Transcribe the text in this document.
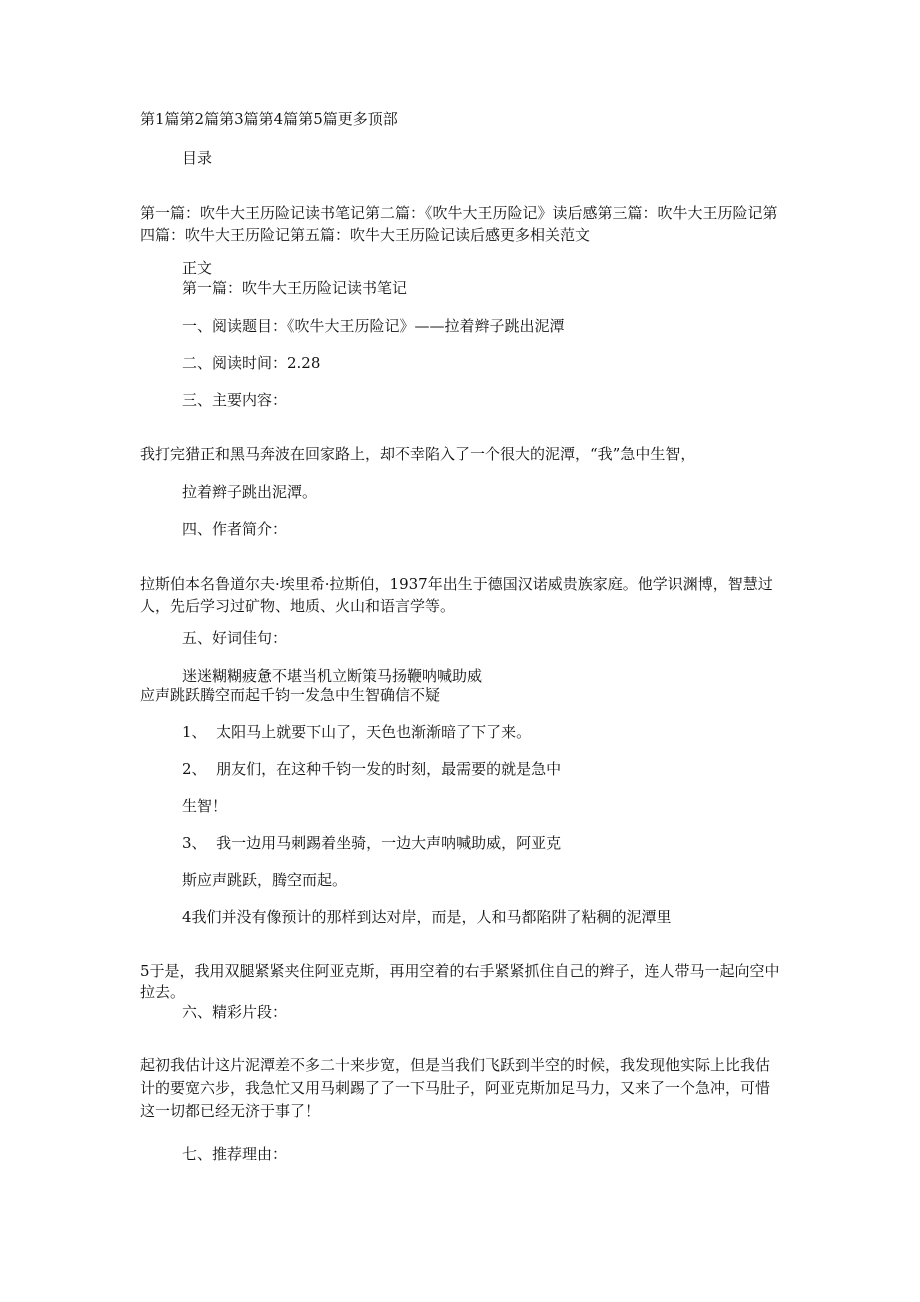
第1篇第2篇第3篇第4篇第5篇更多顶部
目录
第一篇：吹牛大王历险记读书笔记第二篇：《吹牛大王历险记》读后感第三篇：吹牛大王历险记第四篇：吹牛大王历险记第五篇：吹牛大王历险记读后感更多相关范文
正文
第一篇：吹牛大王历险记读书笔记
一、阅读题目：《吹牛大王历险记》——拉着辫子跳出泥潭
二、阅读时间：2.28
三、主要内容：
我打完猎正和黑马奔波在回家路上，却不幸陷入了一个很大的泥潭，“我”急中生智，
拉着辫子跳出泥潭。
四、作者简介：
拉斯伯本名鲁道尔夫·埃里希·拉斯伯，1937年出生于德国汉诺威贵族家庭。他学识渊博，智慧过人，先后学习过矿物、地质、火山和语言学等。
五、好词佳句：
迷迷糊糊疲惫不堪当机立断策马扬鞭呐喊助威
应声跳跃腾空而起千钧一发急中生智确信不疑
1、  太阳马上就要下山了，天色也渐渐暗了下了来。
2、  朋友们，在这种千钧一发的时刻，最需要的就是急中
生智！
3、  我一边用马刺踢着坐骑，一边大声呐喊助威，阿亚克
斯应声跳跃，腾空而起。
4我们并没有像预计的那样到达对岸，而是，人和马都陷阱了粘稠的泥潭里
5于是，我用双腿紧紧夹住阿亚克斯，再用空着的右手紧紧抓住自己的辫子，连人带马一起向空中拉去。
六、精彩片段：
起初我估计这片泥潭差不多二十来步宽，但是当我们飞跃到半空的时候，我发现他实际上比我估计的要宽六步，我急忙又用马刺踢了了一下马肚子，阿亚克斯加足马力，又来了一个急冲，可惜这一切都已经无济于事了！
七、推荐理由：
